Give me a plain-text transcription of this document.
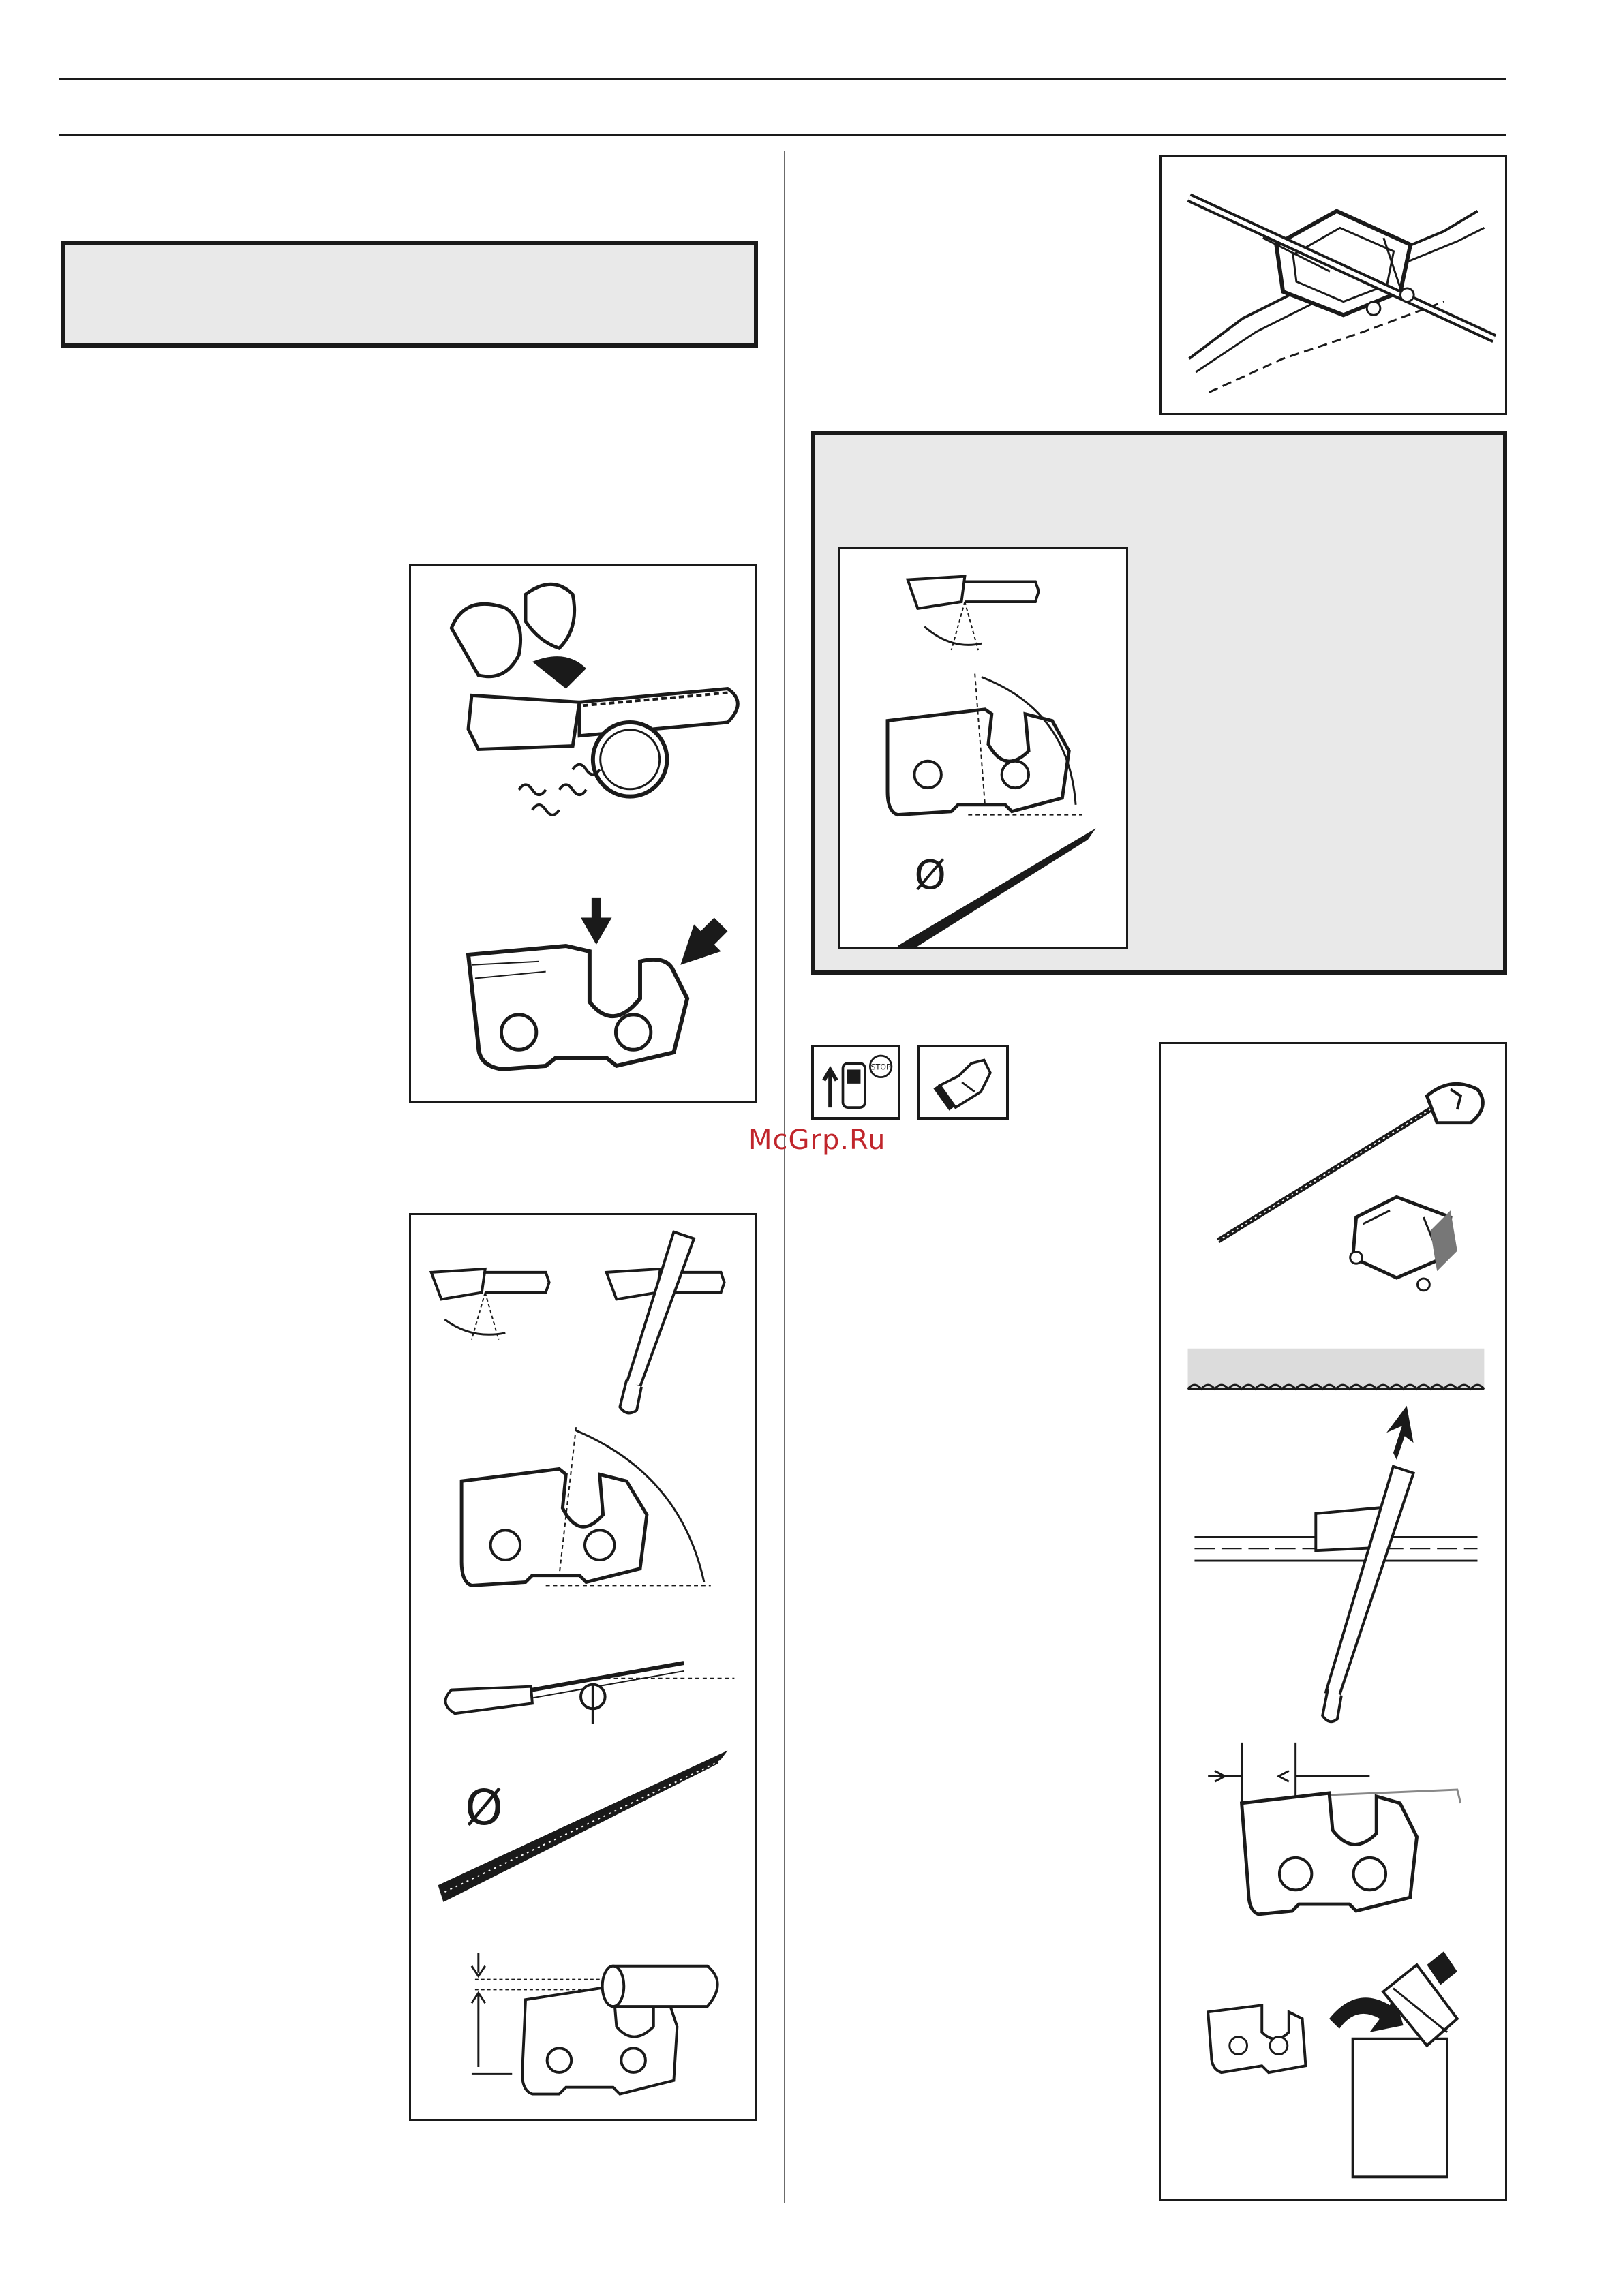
Ø
Ø
STOP
McGrp.Ru
